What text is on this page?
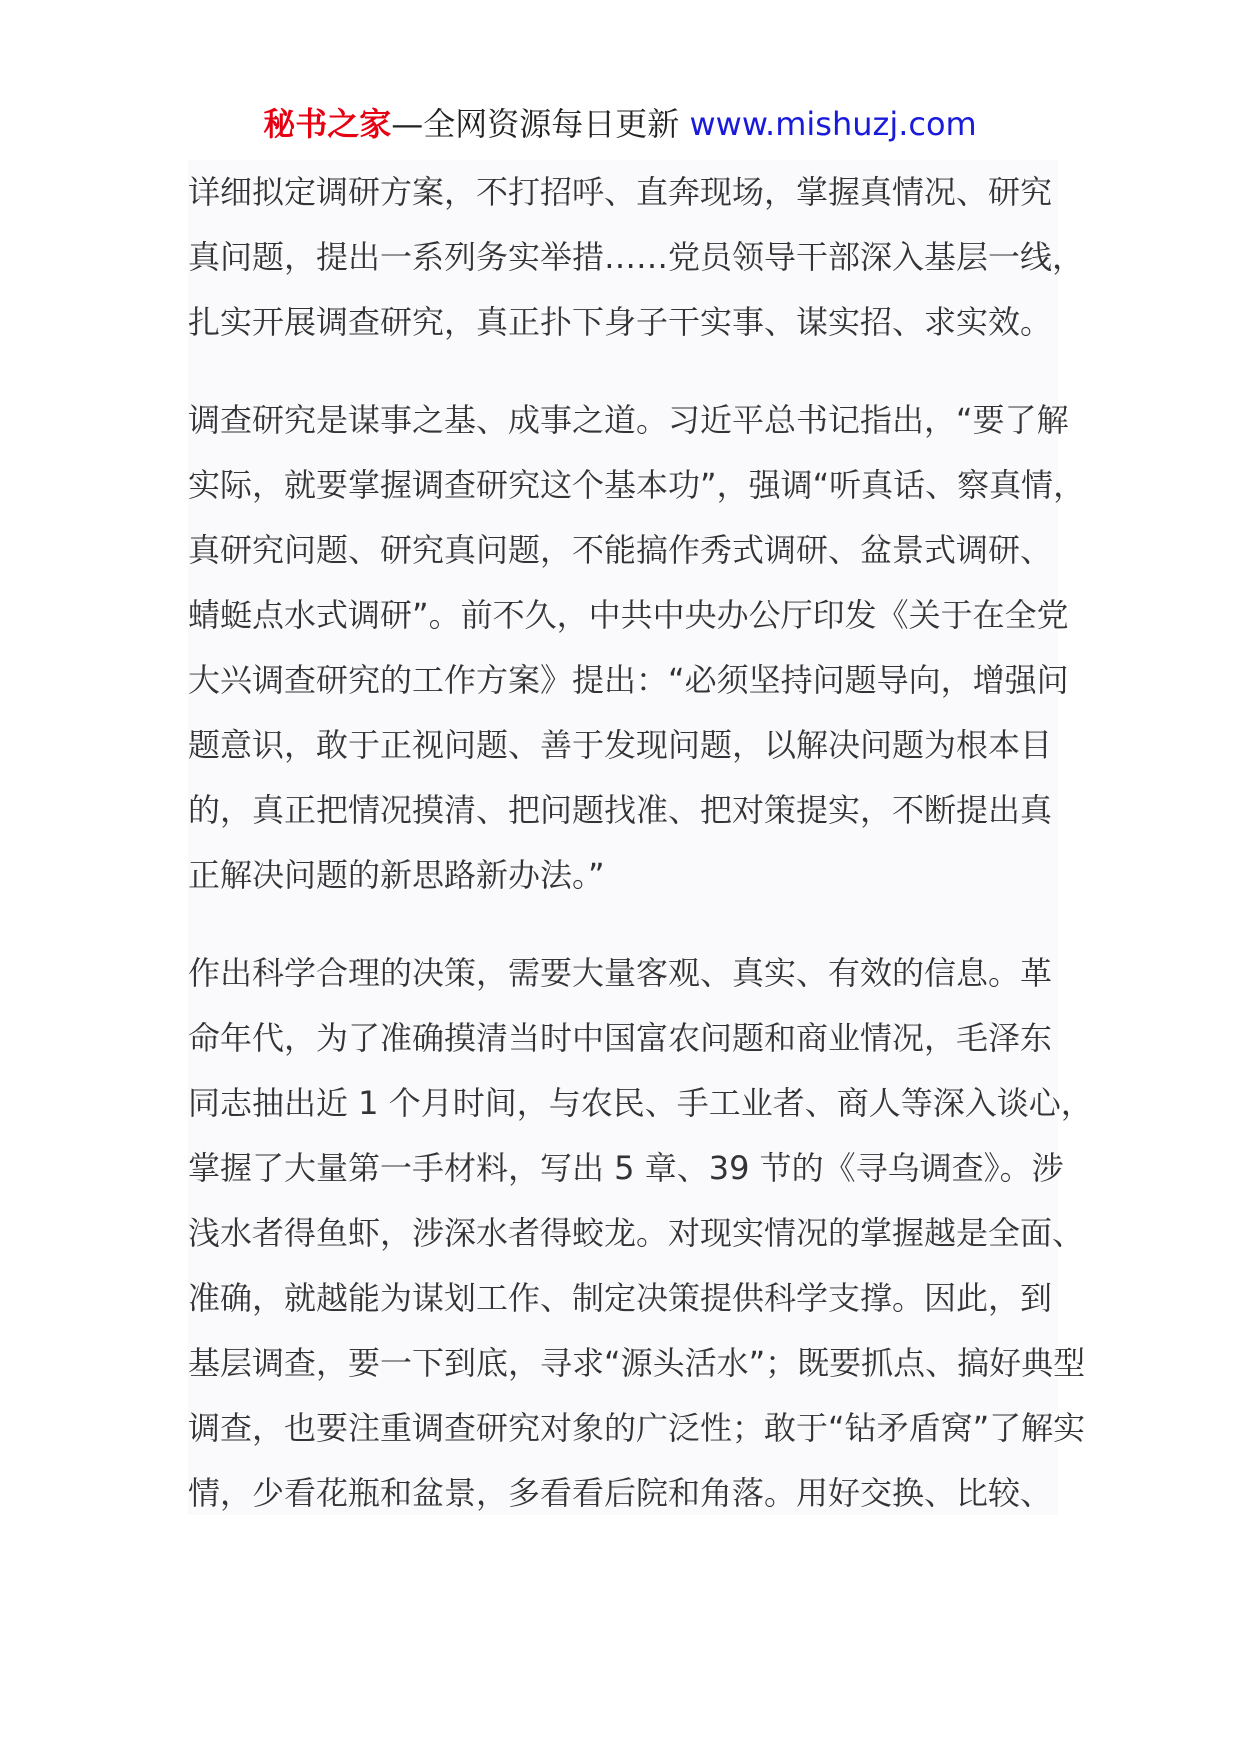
秘书之家—全网资源每日更新 www.mishuzj.com

详细拟定调研方案，不打招呼、直奔现场，掌握真情况、研究
真问题，提出一系列务实举措……党员领导干部深入基层一线，
扎实开展调查研究，真正扑下身子干实事、谋实招、求实效。

调查研究是谋事之基、成事之道。习近平总书记指出，“要了解
实际，就要掌握调查研究这个基本功”，强调“听真话、察真情，
真研究问题、研究真问题，不能搞作秀式调研、盆景式调研、
蜻蜓点水式调研”。前不久，中共中央办公厅印发《关于在全党
大兴调查研究的工作方案》提出：“必须坚持问题导向，增强问
题意识，敢于正视问题、善于发现问题，以解决问题为根本目
的，真正把情况摸清、把问题找准、把对策提实，不断提出真
正解决问题的新思路新办法。”

作出科学合理的决策，需要大量客观、真实、有效的信息。革
命年代，为了准确摸清当时中国富农问题和商业情况，毛泽东
同志抽出近 1 个月时间，与农民、手工业者、商人等深入谈心，
掌握了大量第一手材料，写出 5 章、39 节的《寻乌调查》。涉
浅水者得鱼虾，涉深水者得蛟龙。对现实情况的掌握越是全面、
准确，就越能为谋划工作、制定决策提供科学支撑。因此，到
基层调查，要一下到底，寻求“源头活水”；既要抓点、搞好典型
调查，也要注重调查研究对象的广泛性；敢于“钻矛盾窝”了解实
情，少看花瓶和盆景，多看看后院和角落。用好交换、比较、
